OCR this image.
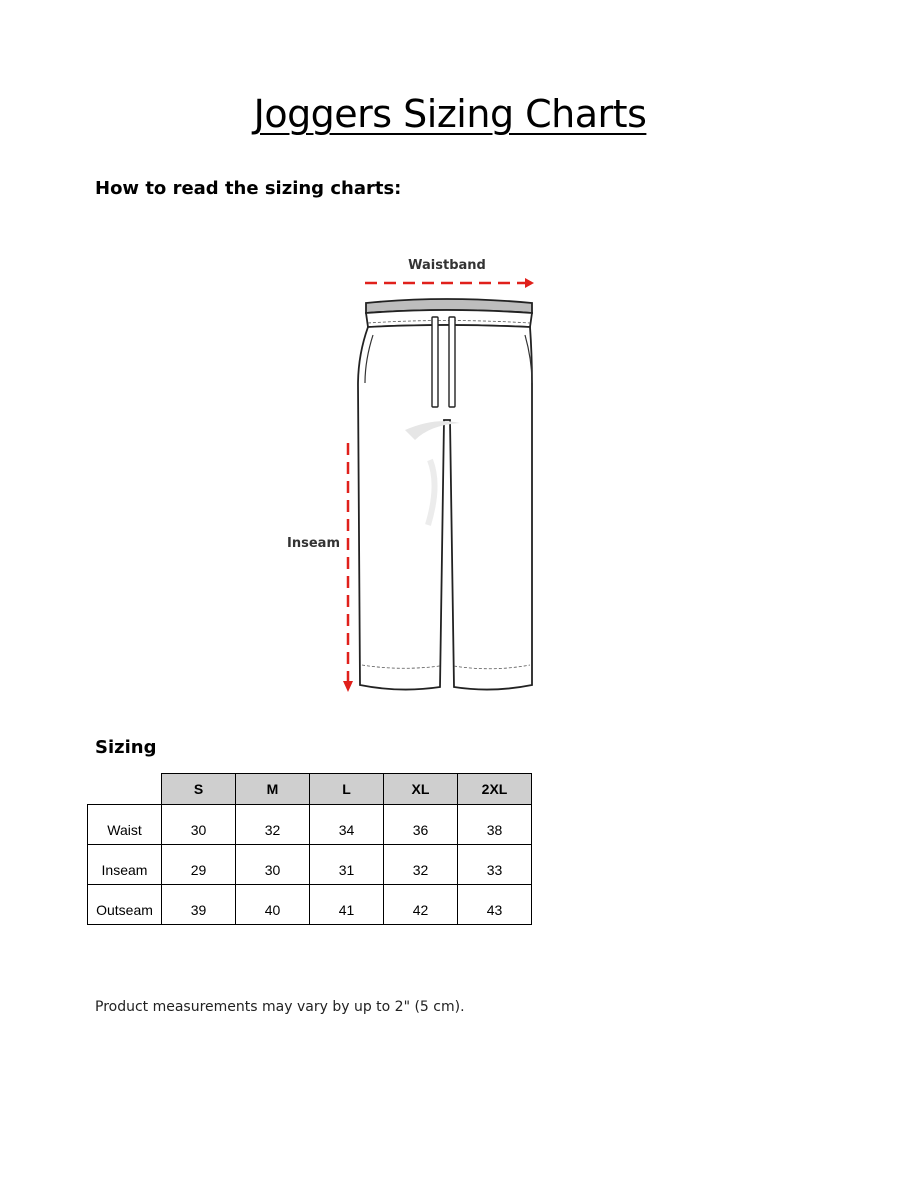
Joggers Sizing Charts
How to read the sizing charts:
Waistband
Inseam
Sizing
	S	M	L	XL	2XL
Waist	30	32	34	36	38
Inseam	29	30	31	32	33
Outseam	39	40	41	42	43
Product measurements may vary by up to 2" (5 cm).
